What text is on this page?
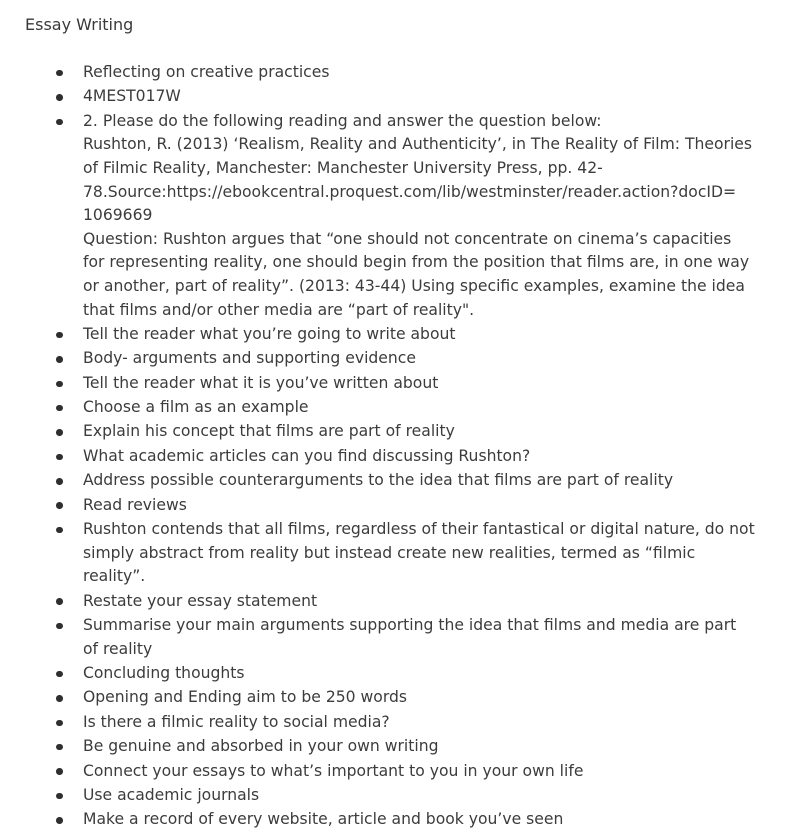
Essay Writing
Reflecting on creative practices
4MEST017W
2. Please do the following reading and answer the question below:
Rushton, R. (2013) ‘Realism, Reality and Authenticity’, in The Reality of Film: Theories
of Filmic Reality, Manchester: Manchester University Press, pp. 42-
78.Source:https://ebookcentral.proquest.com/lib/westminster/reader.action?docID=
1069669
Question: Rushton argues that “one should not concentrate on cinema’s capacities
for representing reality, one should begin from the position that films are, in one way
or another, part of reality”. (2013: 43-44) Using specific examples, examine the idea
that films and/or other media are “part of reality".
Tell the reader what you’re going to write about
Body- arguments and supporting evidence
Tell the reader what it is you’ve written about
Choose a film as an example
Explain his concept that films are part of reality
What academic articles can you find discussing Rushton?
Address possible counterarguments to the idea that films are part of reality
Read reviews
Rushton contends that all films, regardless of their fantastical or digital nature, do not
simply abstract from reality but instead create new realities, termed as “filmic
reality”.
Restate your essay statement
Summarise your main arguments supporting the idea that films and media are part
of reality
Concluding thoughts
Opening and Ending aim to be 250 words
Is there a filmic reality to social media?
Be genuine and absorbed in your own writing
Connect your essays to what’s important to you in your own life
Use academic journals
Make a record of every website, article and book you’ve seen
